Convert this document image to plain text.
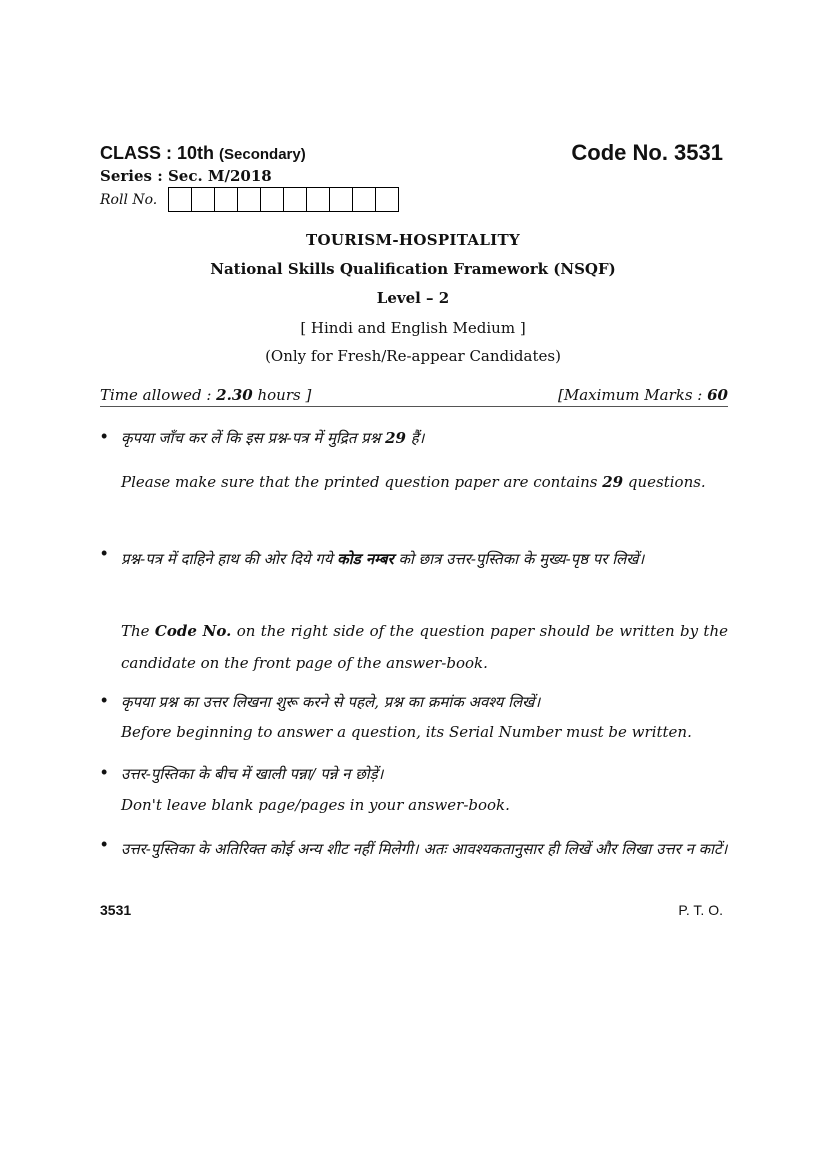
CLASS : 10th (Secondary)	Code No. 3531
Series : Sec. M/2018
Roll No.
TOURISM-HOSPITALITY
National Skills Qualification Framework (NSQF)
Level – 2
[ Hindi and English Medium ]
(Only for Fresh/Re-appear Candidates)
Time allowed : 2.30 hours ]	[Maximum Marks : 60
• कृपया जाँच कर लें कि इस प्रश्न-पत्र में मुद्रित प्रश्न 29 हैं।
Please make sure that the printed question paper are contains 29 questions.
• प्रश्न-पत्र में दाहिने हाथ की ओर दिये गये कोड नम्बर को छात्र उत्तर-पुस्तिका के मुख्य-पृष्ठ पर लिखें।
The Code No. on the right side of the question paper should be written by the candidate on the front page of the answer-book.
• कृपया प्रश्न का उत्तर लिखना शुरू करने से पहले, प्रश्न का क्रमांक अवश्य लिखें।
Before beginning to answer a question, its Serial Number must be written.
• उत्तर-पुस्तिका के बीच में खाली पन्ना/ पन्ने न छोड़ें।
Don't leave blank page/pages in your answer-book.
• उत्तर-पुस्तिका के अतिरिक्त कोई अन्य शीट नहीं मिलेगी। अतः आवश्यकतानुसार ही लिखें और लिखा उत्तर न काटें।
3531	P. T. O.
